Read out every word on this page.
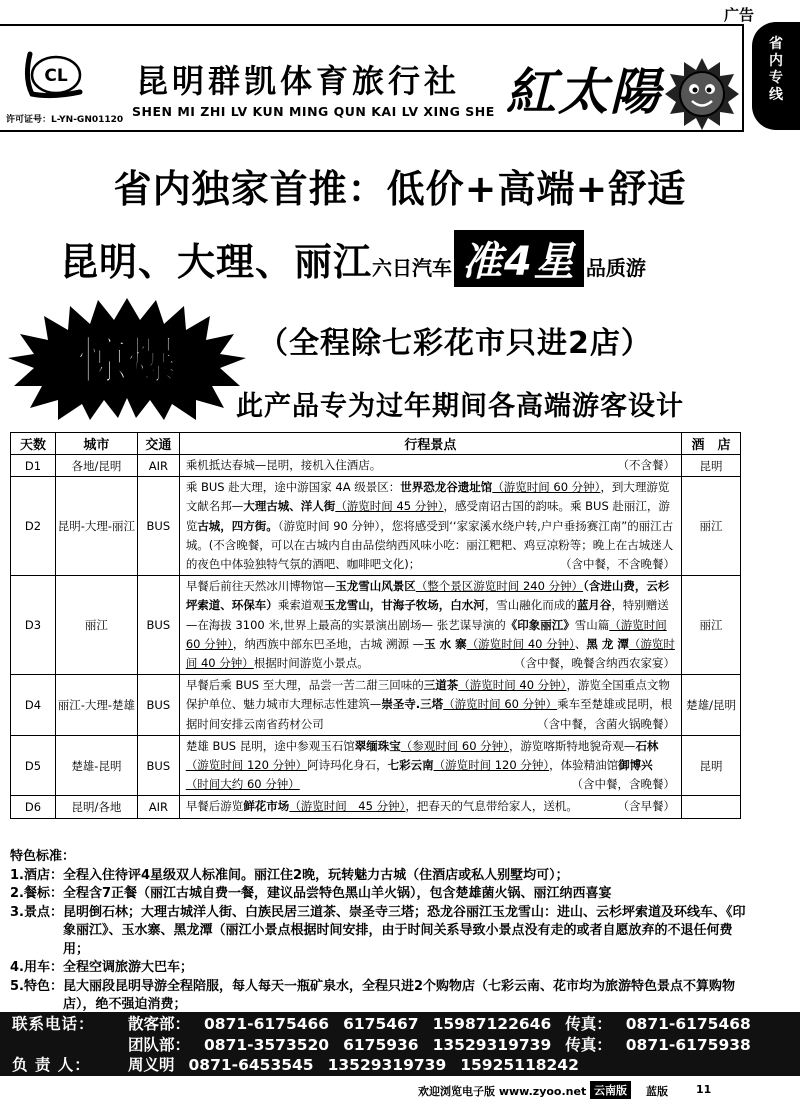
广告
省
内
专
线
CL
许可证号：L-YN-GN01120
昆明群凯体育旅行社
SHEN MI ZHI LV KUN MING QUN KAI LV XING SHE 紅太陽
省内独家首推：低价+高端+舒适
昆明、大理、丽江六日汽车 准4星 品质游
惊爆	（全程除七彩花市只进2店）
此产品专为过年期间各高端游客设计
天数	城市	交通	行程景点	酒　店
D1	各地/昆明	AIR	乘机抵达春城—昆明，接机入住酒店。 （不含餐）	昆明
D2	昆明-大理-丽江	BUS	乘 BUS 赴大理，途中游国家 4A 级景区：世界恐龙谷遗址馆（游览时间 60 分钟），到大理游览文献名邦—大理古城、洋人街（游览时间 45 分钟），感受南诏古国的韵味。乘 BUS 赴丽江，游览古城，四方街。（游览时间 90 分钟），您将感受到‘‘家家溪水绕户转,户户垂扬赛江南”的丽江古城。(不含晚餐，可以在古城内自由品偿纳西风味小吃：丽江粑粑、鸡豆凉粉等；晚上在古城迷人的夜色中体验独特气氛的酒吧、咖啡吧文化)； （含中餐，不含晚餐）	丽江
D3	丽江	BUS	早餐后前往天然冰川博物馆—玉龙雪山风景区（整个景区游览时间 240 分钟）（含进山费，云杉坪索道、环保车）乘索道观玉龙雪山，甘海子牧场，白水河，雪山融化而成的蓝月谷，特别赠送—在海拔 3100 米,世界上最高的实景演出剧场— 张艺谋导演的《印象丽江》雪山篇（游览时间 60 分钟），纳西族中部东巴圣地，古城 溯源 —玉 水 寨（游览时间 40 分钟）、黑 龙 潭（游览时间 40 分钟）根据时间游览小景点。 （含中餐，晚餐含纳西农家宴）	丽江
D4	丽江-大理-楚雄	BUS	早餐后乘 BUS 至大理，品尝一苦二甜三回味的三道茶（游览时间 40 分钟），游览全国重点文物保护单位、魅力城市大理标志性建筑—崇圣寺.三塔（游览时间 60 分钟）乘车至楚雄或昆明，根据时间安排云南省药材公司 （含中餐，含菌火锅晚餐）	楚雄/昆明
D5	楚雄-昆明	BUS	楚雄 BUS 昆明，途中参观玉石馆翠缅珠宝（参观时间 60 分钟），游览喀斯特地貌奇观—石林（游览时间 120 分钟）阿诗玛化身石，七彩云南（游览时间 120 分钟），体验精油馆御博兴（时间大约 60 分钟） （含中餐，含晚餐）	昆明
D6	昆明/各地	AIR	早餐后游览鲜花市场（游览时间　45 分钟），把春天的气息带给家人，送机。 （含早餐）	

特色标准：
1.酒店： 全程入住待评4星级双人标准间。丽江住2晚，玩转魅力古城（住酒店或私人别墅均可）；
2.餐标： 全程含7正餐（丽江古城自费一餐，建议品尝特色黑山羊火锅），包含楚雄菌火锅、丽江纳西喜宴
3.景点： 昆明倒石林；大理古城洋人街、白族民居三道茶、崇圣寺三塔；恐龙谷丽江玉龙雪山：进山、云杉坪索道及环线车、《印象丽江》、玉水寨、黑龙潭（丽江小景点根据时间安排，由于时间关系导致小景点没有走的或者自愿放弃的不退任何费用；
4.用车： 全程空调旅游大巴车；
5.特色： 昆大丽段昆明导游全程陪服，每人每天一瓶矿泉水，全程只进2个购物店（七彩云南、花市均为旅游特色景点不算购物店），绝不强迫消费；
联系电话： 散客部： 0871-6175466 6175467 15987122646 传真： 0871-6175468
团队部： 0871-3573520 6175936 13529319739 传真： 0871-6175938
负 责 人： 周义明 0871-6453545 13529319739 15925118242
欢迎浏览电子版 www.zyoo.net 云南版	蓝版	11
